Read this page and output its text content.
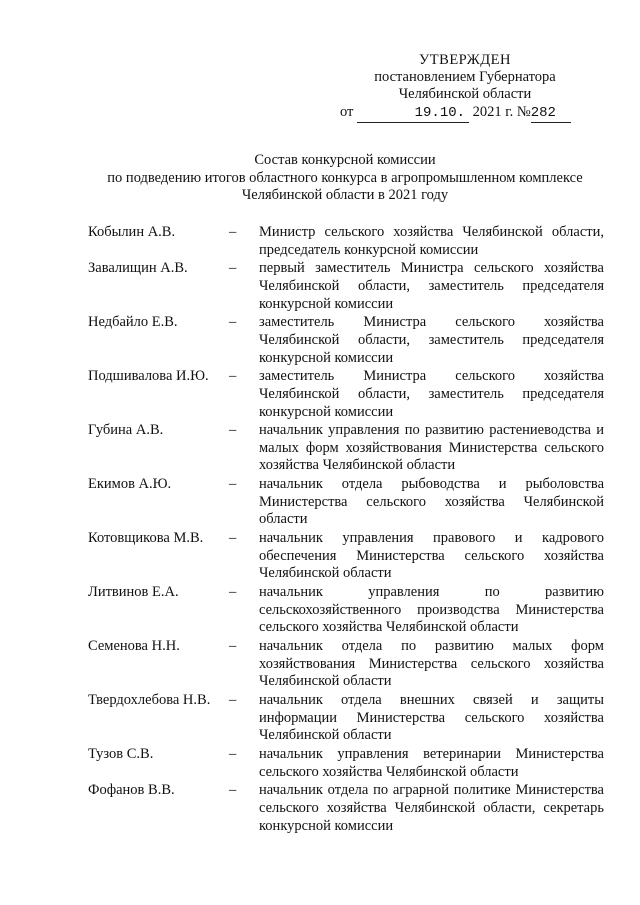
УТВЕРЖДЕН
постановлением Губернатора
Челябинской области
от	19.10. 2021 г. №282
Состав конкурсной комиссии
по подведению итогов областного конкурса в агропромышленном комплексе
Челябинской области в 2021 году
Кобылин А.В.	–	Министр сельского хозяйства Челябинской области, председатель конкурсной комиссии
Завалищин А.В.	–	первый заместитель Министра сельского хозяйства Челябинской области, заместитель председателя конкурсной комиссии
Недбайло Е.В.	–	заместитель Министра сельского хозяйства Челябинской области, заместитель председателя конкурсной комиссии
Подшивалова И.Ю.	–	заместитель Министра сельского хозяйства Челябинской области, заместитель председателя конкурсной комиссии
Губина А.В.	–	начальник управления по развитию растениеводства и малых форм хозяйствования Министерства сельского хозяйства Челябинской области
Екимов А.Ю.	–	начальник отдела рыбоводства и рыболовства Министерства сельского хозяйства Челябинской области
Котовщикова М.В.	–	начальник управления правового и кадрового обеспечения Министерства сельского хозяйства Челябинской области
Литвинов Е.А.	–	начальник управления по развитию сельскохозяйственного производства Министерства сельского хозяйства Челябинской области
Семенова Н.Н.	–	начальник отдела по развитию малых форм хозяйствования Министерства сельского хозяйства Челябинской области
Твердохлебова Н.В.	–	начальник отдела внешних связей и защиты информации Министерства сельского хозяйства Челябинской области
Тузов С.В.	–	начальник управления ветеринарии Министерства сельского хозяйства Челябинской области
Фофанов В.В.	–	начальник отдела по аграрной политике Министерства сельского хозяйства Челябинской области, секретарь конкурсной комиссии
